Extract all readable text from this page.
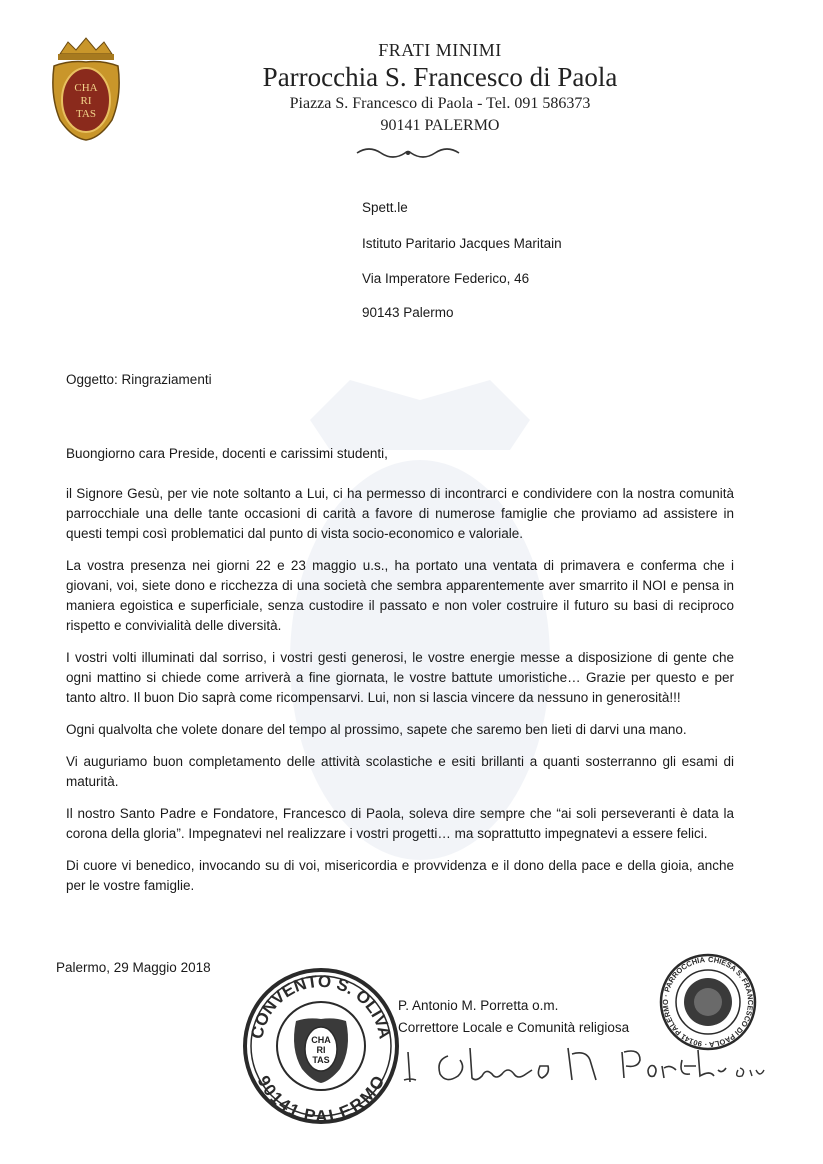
CHA
RI
TAS
FRATI MINIMI
Parrocchia S. Francesco di Paola
Piazza S. Francesco di Paola - Tel. 091 586373
90141 PALERMO
Spett.le
Istituto Paritario Jacques Maritain
Via Imperatore Federico, 46
90143 Palermo
Oggetto: Ringraziamenti

Buongiorno cara Preside, docenti e carissimi studenti,

il Signore Gesù, per vie note soltanto a Lui, ci ha permesso di incontrarci e condividere con la nostra comunità parrocchiale una delle tante occasioni di carità a favore di numerose famiglie che proviamo ad assistere in questi tempi così problematici dal punto di vista socio-economico e valoriale.

La vostra presenza nei giorni 22 e 23 maggio u.s., ha portato una ventata di primavera e conferma che i giovani, voi, siete dono e ricchezza di una società che sembra apparentemente aver smarrito il NOI e pensa in maniera egoistica e superficiale, senza custodire il passato e non voler costruire il futuro su basi di reciproco rispetto e convivialità delle diversità.

I vostri volti illuminati dal sorriso, i vostri gesti generosi, le vostre energie messe a disposizione di gente che ogni mattino si chiede come arriverà a fine giornata, le vostre battute umoristiche… Grazie per questo e per tanto altro. Il buon Dio saprà come ricompensarvi. Lui, non si lascia vincere da nessuno in generosità!!!

Ogni qualvolta che volete donare del tempo al prossimo, sapete che saremo ben lieti di darvi una mano.

Vi auguriamo buon completamento delle attività scolastiche e esiti brillanti a quanti sosterranno gli esami di maturità.

Il nostro Santo Padre e Fondatore, Francesco di Paola, soleva dire sempre che “ai soli perseveranti è data la corona della gloria”. Impegnatevi nel realizzare i vostri progetti… ma soprattutto impegnatevi a essere felici.

Di cuore vi benedico, invocando su di voi, misericordia e provvidenza e il dono della pace e della gioia, anche per le vostre famiglie.

Palermo, 29 Maggio 2018
CONVENTO S. OLIVA
90141 PALERMO
CHA
RI
TAS
P. Antonio M. Porretta o.m.
Correttore Locale e Comunità religiosa
CHIESA S. FRANCESCO DI PAOLA · 90141 PALERMO · PARROCCHIA
